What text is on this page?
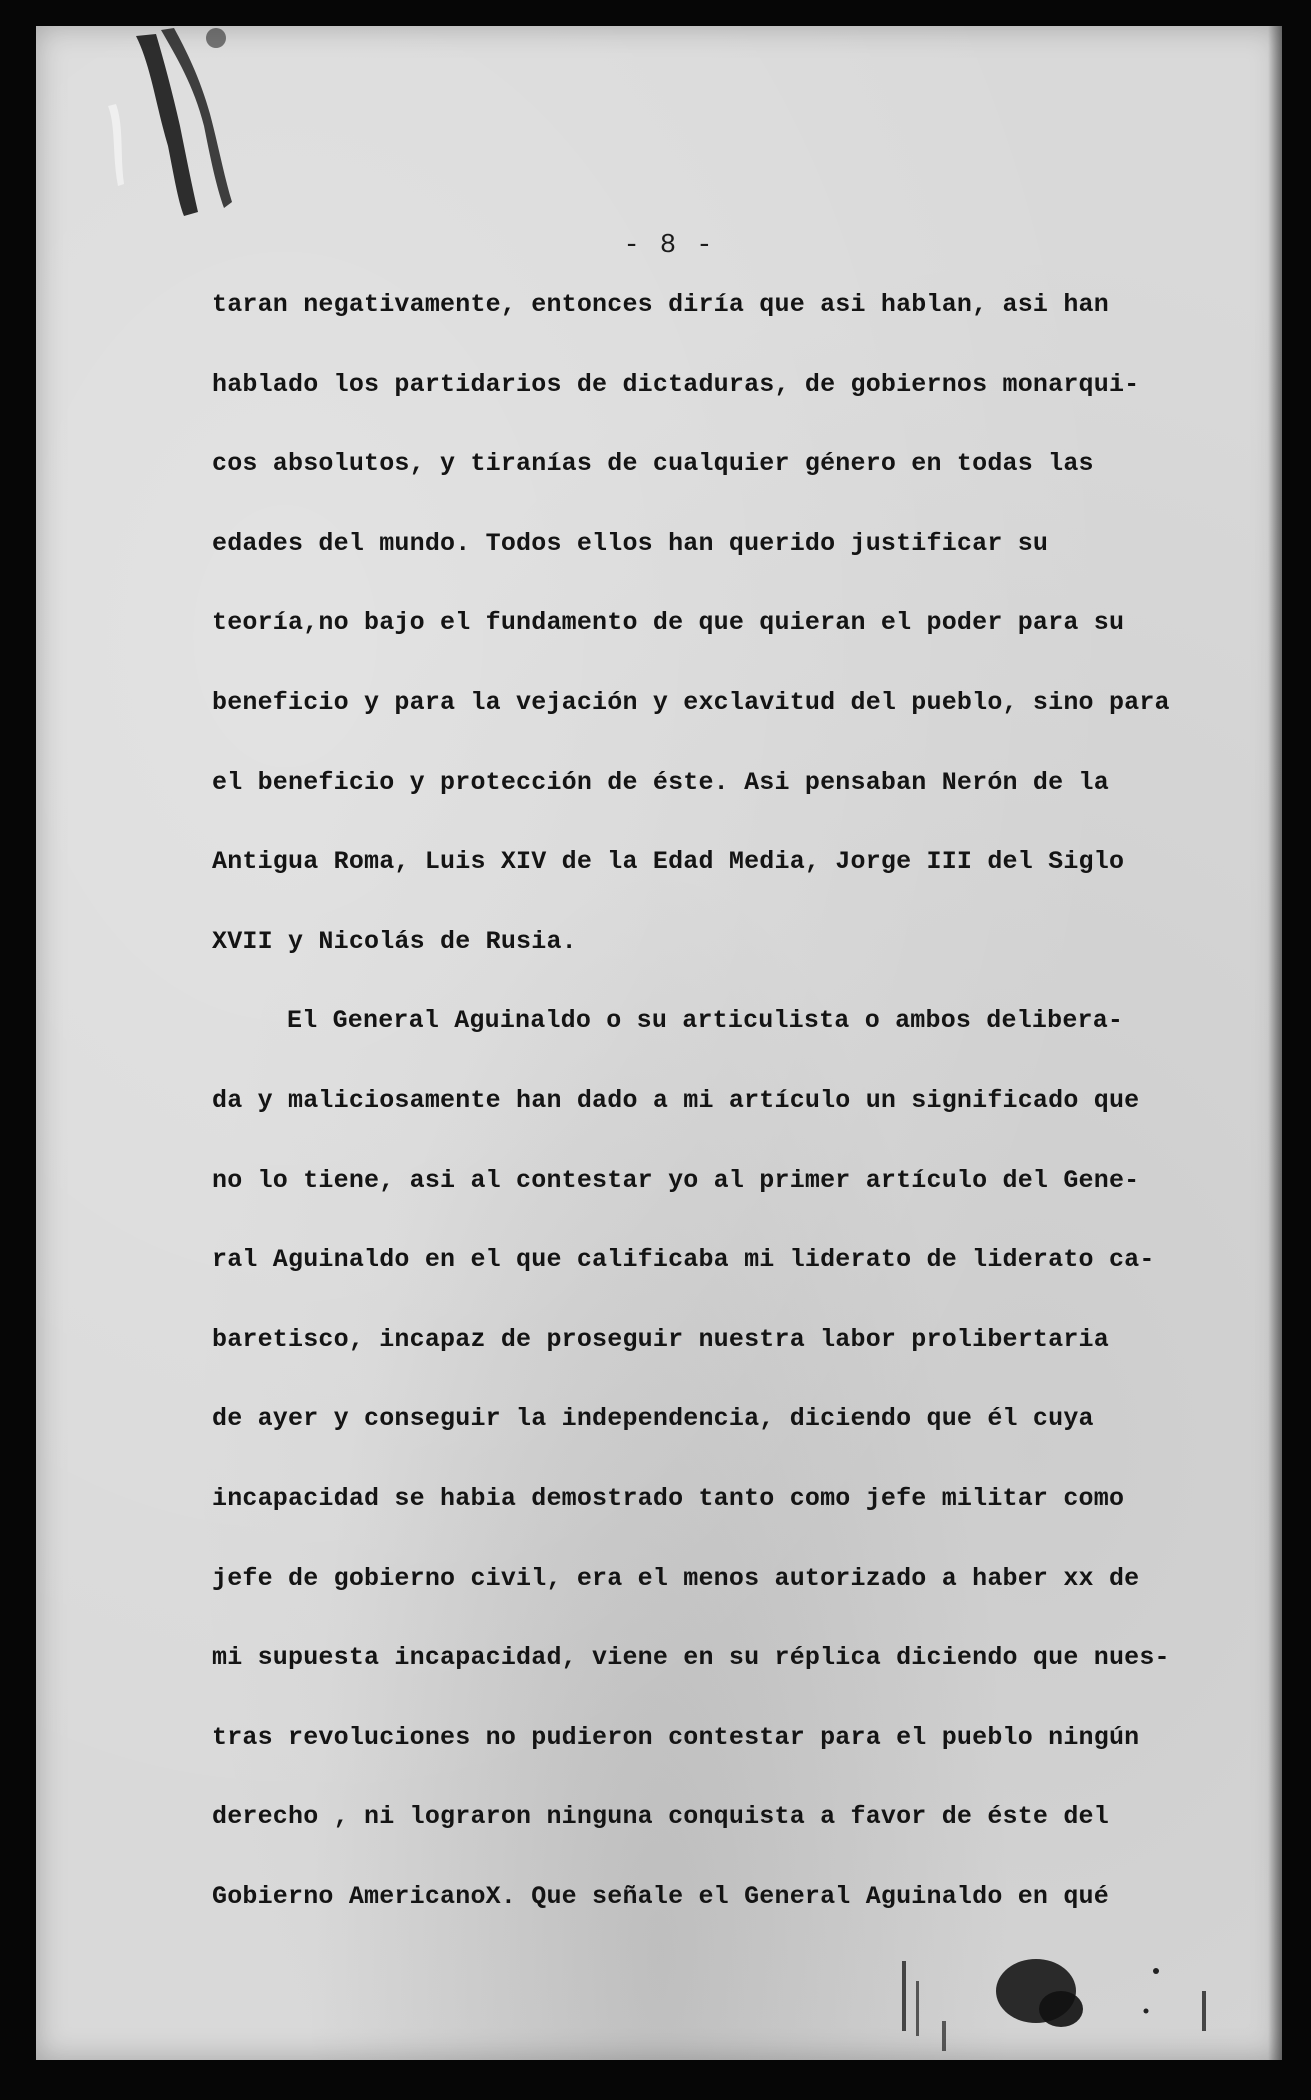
- 8 -
taran negativamente, entonces diría que asi hablan, asi han
hablado los partidarios de dictaduras, de gobiernos monarqui-
cos absolutos, y tiranías de cualquier género en todas las
edades del mundo. Todos ellos han querido justificar su
teoría,no bajo el fundamento de que quieran el poder para su
beneficio y para la vejación y exclavitud del pueblo, sino para
el beneficio y protección de éste. Asi pensaban Nerón de la
Antigua Roma, Luis XIV de la Edad Media, Jorge III del Siglo
XVII y Nicolás de Rusia.
El General Aguinaldo o su articulista o ambos delibera-
da y maliciosamente han dado a mi artículo un significado que
no lo tiene, asi al contestar yo al primer artículo del Gene-
ral Aguinaldo en el que calificaba mi liderato de liderato ca-
baretisco, incapaz de proseguir nuestra labor prolibertaria
de ayer y conseguir la independencia, diciendo que él cuya
incapacidad se habia demostrado tanto como jefe militar como
jefe de gobierno civil, era el menos autorizado a haber xx de
mi supuesta incapacidad, viene en su réplica diciendo que nues-
tras revoluciones no pudieron contestar para el pueblo ningún
derecho , ni lograron ninguna conquista a favor de éste del
Gobierno AmericanoX. Que señale el General Aguinaldo en qué
